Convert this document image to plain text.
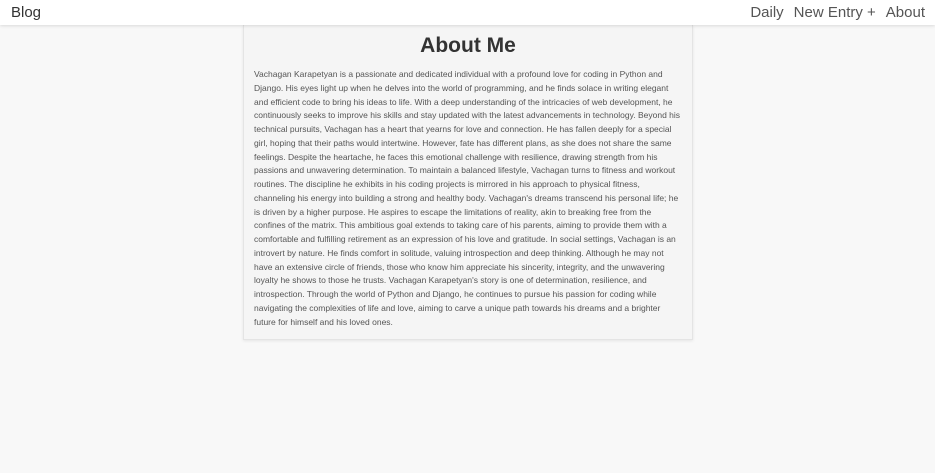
Blog	Daily New Entry + About
About Me

Vachagan Karapetyan is a passionate and dedicated individual with a profound love for coding in Python and Django. His eyes light up when he delves into the world of programming, and he finds solace in writing elegant and efficient code to bring his ideas to life. With a deep understanding of the intricacies of web development, he continuously seeks to improve his skills and stay updated with the latest advancements in technology. Beyond his technical pursuits, Vachagan has a heart that yearns for love and connection. He has fallen deeply for a special girl, hoping that their paths would intertwine. However, fate has different plans, as she does not share the same feelings. Despite the heartache, he faces this emotional challenge with resilience, drawing strength from his passions and unwavering determination. To maintain a balanced lifestyle, Vachagan turns to fitness and workout routines. The discipline he exhibits in his coding projects is mirrored in his approach to physical fitness, channeling his energy into building a strong and healthy body. Vachagan's dreams transcend his personal life; he is driven by a higher purpose. He aspires to escape the limitations of reality, akin to breaking free from the confines of the matrix. This ambitious goal extends to taking care of his parents, aiming to provide them with a comfortable and fulfilling retirement as an expression of his love and gratitude. In social settings, Vachagan is an introvert by nature. He finds comfort in solitude, valuing introspection and deep thinking. Although he may not have an extensive circle of friends, those who know him appreciate his sincerity, integrity, and the unwavering loyalty he shows to those he trusts. Vachagan Karapetyan's story is one of determination, resilience, and introspection. Through the world of Python and Django, he continues to pursue his passion for coding while navigating the complexities of life and love, aiming to carve a unique path towards his dreams and a brighter future for himself and his loved ones.
